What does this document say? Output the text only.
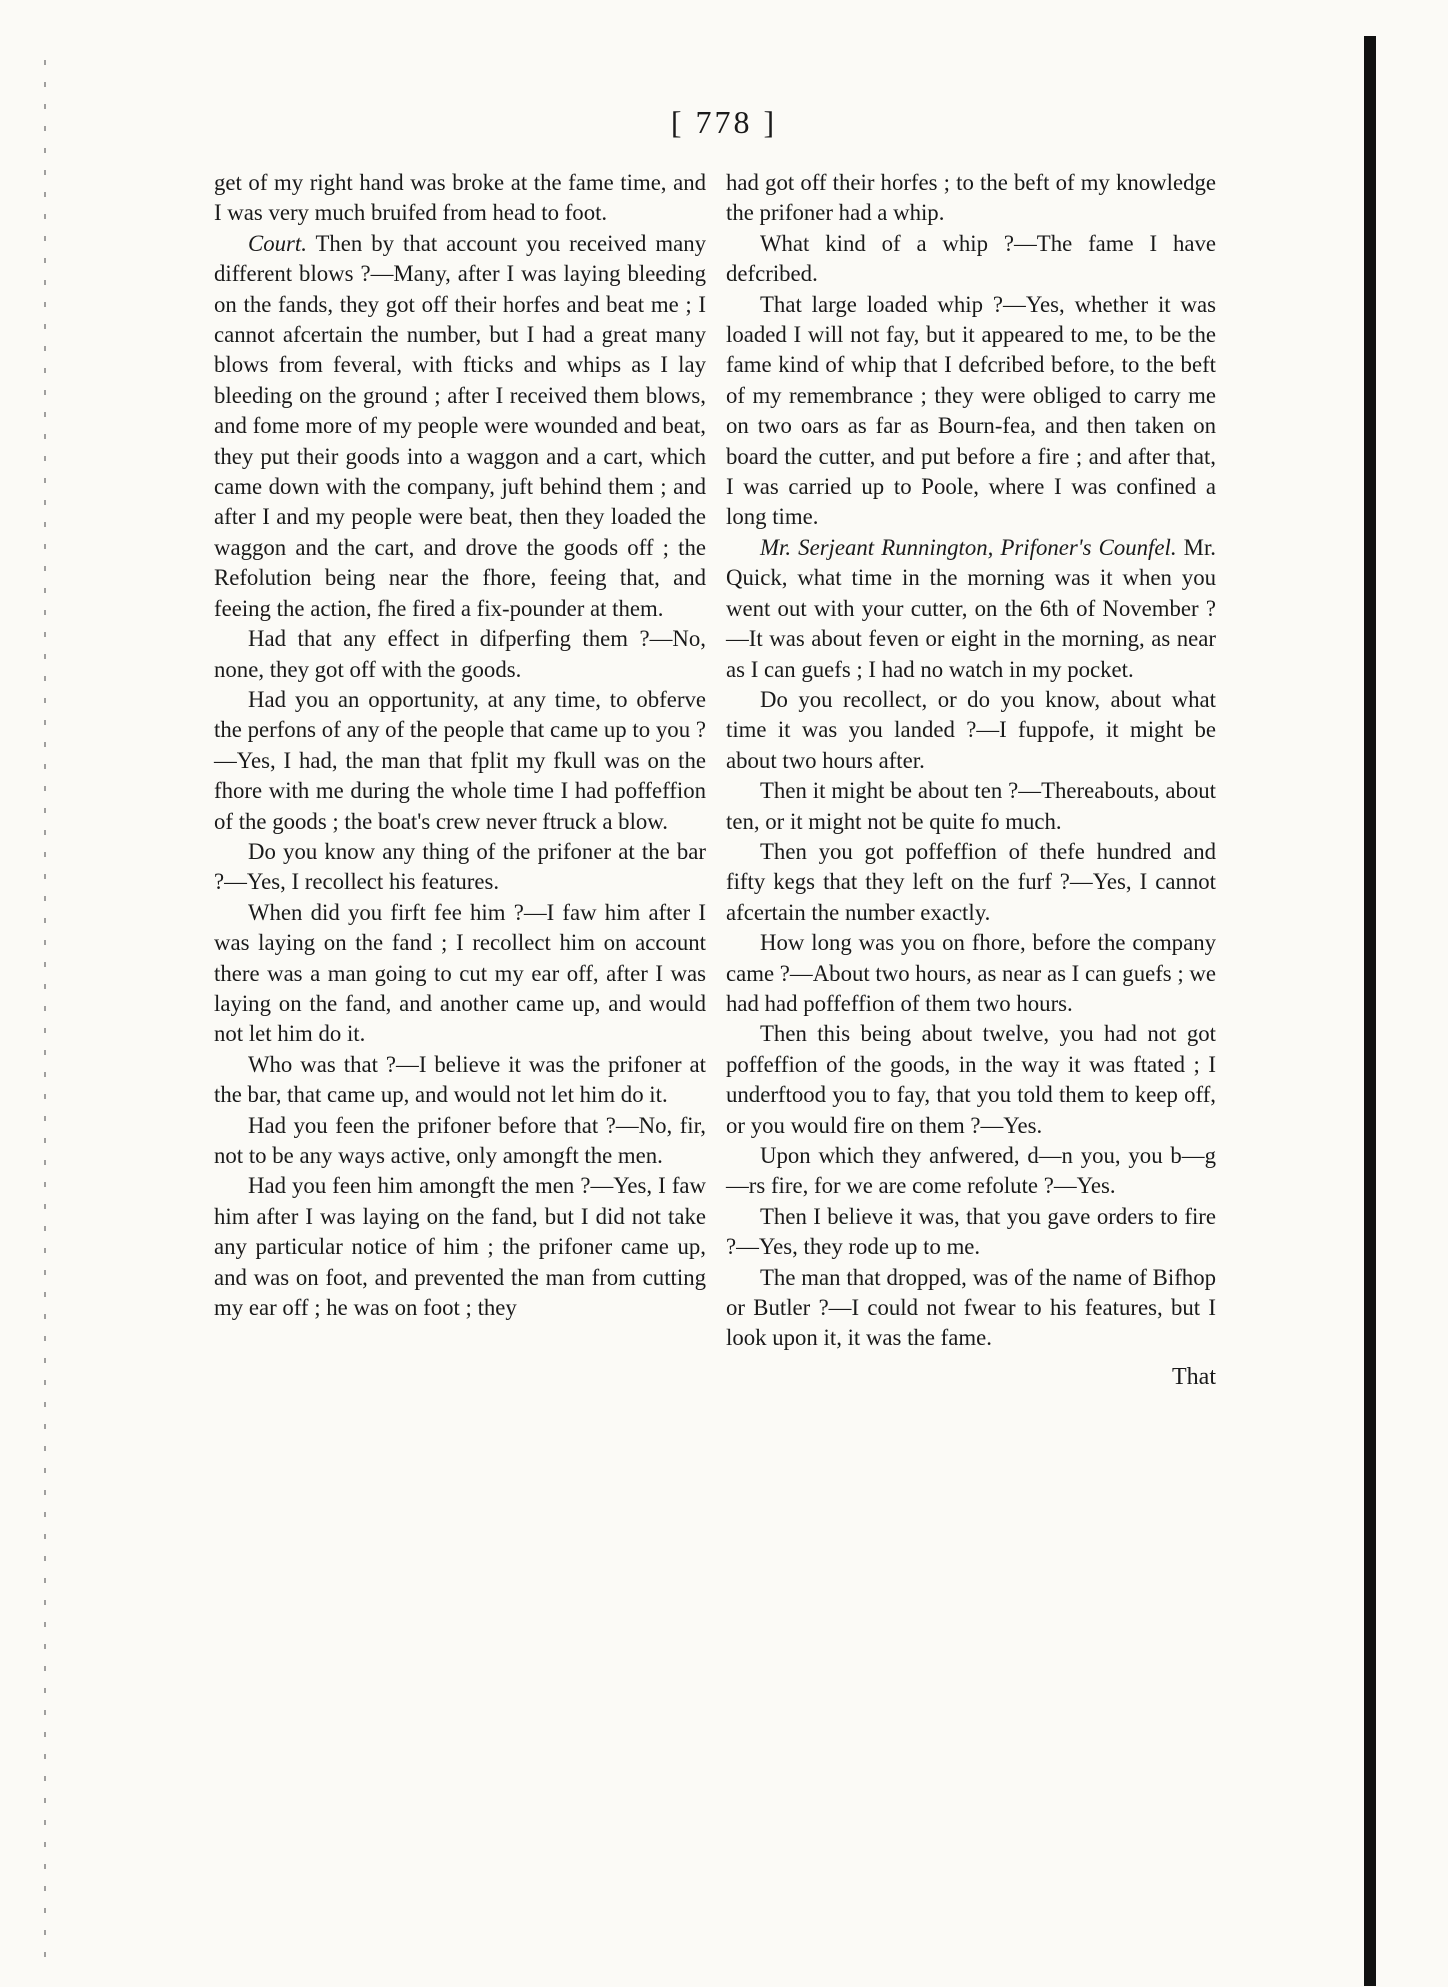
[ 778 ]

get of my right hand was broke at the fame time, and I was very much bruifed from head to foot.

Court. Then by that account you received many different blows ?—Many, after I was laying bleeding on the fands, they got off their horfes and beat me ; I cannot afcertain the number, but I had a great many blows from feveral, with fticks and whips as I lay bleeding on the ground ; after I received them blows, and fome more of my people were wounded and beat, they put their goods into a waggon and a cart, which came down with the company, juft behind them ; and after I and my people were beat, then they loaded the waggon and the cart, and drove the goods off ; the Refolution being near the fhore, feeing that, and feeing the action, fhe fired a fix-pounder at them.

Had that any effect in difperfing them ?—No, none, they got off with the goods.

Had you an opportunity, at any time, to obferve the perfons of any of the people that came up to you ?—Yes, I had, the man that fplit my fkull was on the fhore with me during the whole time I had poffeffion of the goods ; the boat's crew never ftruck a blow.

Do you know any thing of the prifoner at the bar ?—Yes, I recollect his features.

When did you firft fee him ?—I faw him after I was laying on the fand ; I recollect him on account there was a man going to cut my ear off, after I was laying on the fand, and another came up, and would not let him do it.

Who was that ?—I believe it was the prifoner at the bar, that came up, and would not let him do it.

Had you feen the prifoner before that ?—No, fir, not to be any ways active, only amongft the men.

Had you feen him amongft the men ?—Yes, I faw him after I was laying on the fand, but I did not take any particular notice of him ; the prifoner came up, and was on foot, and prevented the man from cutting my ear off ; he was on foot ; they

had got off their horfes ; to the beft of my knowledge the prifoner had a whip.

What kind of a whip ?—The fame I have defcribed.

That large loaded whip ?—Yes, whether it was loaded I will not fay, but it appeared to me, to be the fame kind of whip that I defcribed before, to the beft of my remembrance ; they were obliged to carry me on two oars as far as Bourn-fea, and then taken on board the cutter, and put before a fire ; and after that, I was carried up to Poole, where I was confined a long time.

Mr. Serjeant Runnington, Prifoner's Counfel. Mr. Quick, what time in the morning was it when you went out with your cutter, on the 6th of November ?—It was about feven or eight in the morning, as near as I can guefs ; I had no watch in my pocket.

Do you recollect, or do you know, about what time it was you landed ?—I fuppofe, it might be about two hours after.

Then it might be about ten ?—Thereabouts, about ten, or it might not be quite fo much.

Then you got poffeffion of thefe hundred and fifty kegs that they left on the furf ?—Yes, I cannot afcertain the number exactly.

How long was you on fhore, before the company came ?—About two hours, as near as I can guefs ; we had had poffeffion of them two hours.

Then this being about twelve, you had not got poffeffion of the goods, in the way it was ftated ; I underftood you to fay, that you told them to keep off, or you would fire on them ?—Yes.

Upon which they anfwered, d—n you, you b—g—rs fire, for we are come refolute ?—Yes.

Then I believe it was, that you gave orders to fire ?—Yes, they rode up to me.

The man that dropped, was of the name of Bifhop or Butler ?—I could not fwear to his features, but I look upon it, it was the fame.

That
